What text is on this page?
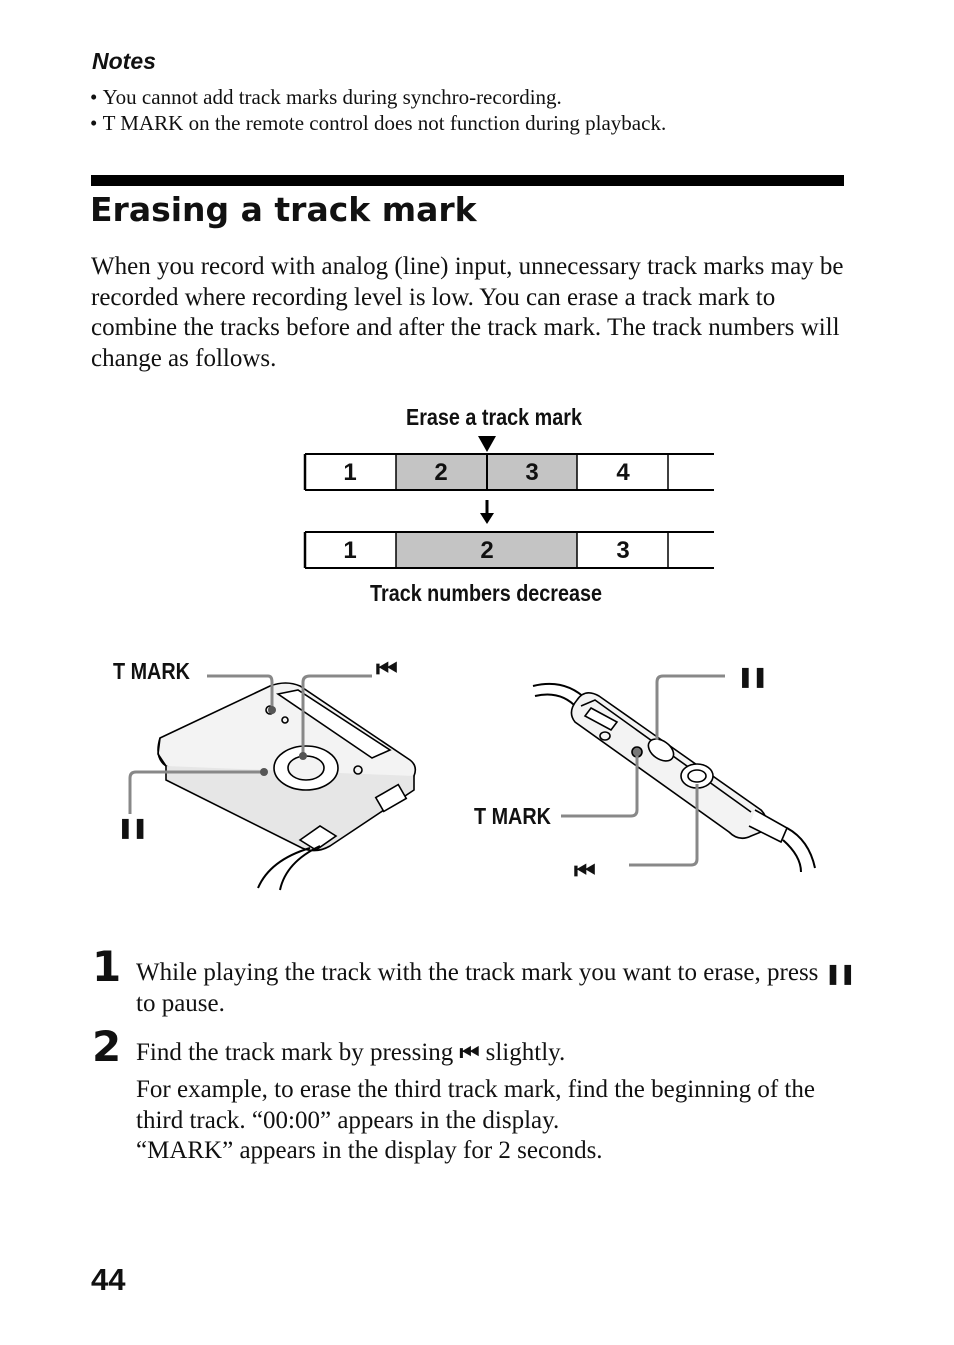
Notes
• You cannot add track marks during synchro-recording.
• T MARK on the remote control does not function during playback.
Erasing a track mark

When you record with analog (line) input, unnecessary track marks may be recorded where recording level is low. You can erase a track mark to combine the tracks before and after the track mark. The track numbers will change as follows.

Erase a track mark
1	2	3	4
1	2	3
Track numbers decrease
T MARK	⏮
❚❚
❚❚
T MARK
⏮
1 While playing the track with the track mark you want to erase, press ❚❚ to pause.

2 Find the track mark by pressing ⏮ slightly.

For example, to erase the third track mark, find the beginning of the third track. “00:00” appears in the display.

“MARK” appears in the display for 2 seconds.

44
